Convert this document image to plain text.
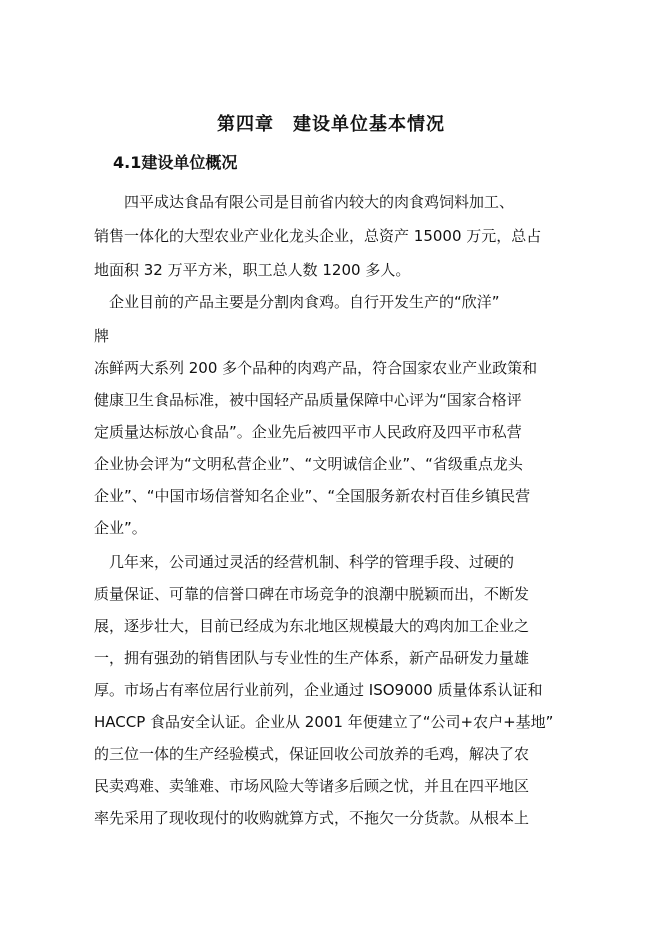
第四章　建设单位基本情况
4.1建设单位概况
　　四平成达食品有限公司是目前省内较大的肉食鸡饲料加工、
销售一体化的大型农业产业化龙头企业，总资产 15000 万元，总占
地面积 32 万平方米，职工总人数 1200 多人。
　企业目前的产品主要是分割肉食鸡。自行开发生产的“欣洋”
牌
冻鲜两大系列 200 多个品种的肉鸡产品，符合国家农业产业政策和
健康卫生食品标准，被中国轻产品质量保障中心评为“国家合格评
定质量达标放心食品”。企业先后被四平市人民政府及四平市私营
企业协会评为“文明私营企业”、“文明诚信企业”、“省级重点龙头
企业”、“中国市场信誉知名企业”、“全国服务新农村百佳乡镇民营
企业”。
　几年来，公司通过灵活的经营机制、科学的管理手段、过硬的
质量保证、可靠的信誉口碑在市场竞争的浪潮中脱颖而出，不断发
展，逐步壮大，目前已经成为东北地区规模最大的鸡肉加工企业之
一，拥有强劲的销售团队与专业性的生产体系，新产品研发力量雄
厚。市场占有率位居行业前列，企业通过 ISO9000 质量体系认证和
HACCP 食品安全认证。企业从 2001 年便建立了“公司+农户+基地”
的三位一体的生产经验模式，保证回收公司放养的毛鸡，解决了农
民卖鸡难、卖雏难、市场风险大等诸多后顾之忧，并且在四平地区
率先采用了现收现付的收购就算方式，不拖欠一分货款。从根本上
